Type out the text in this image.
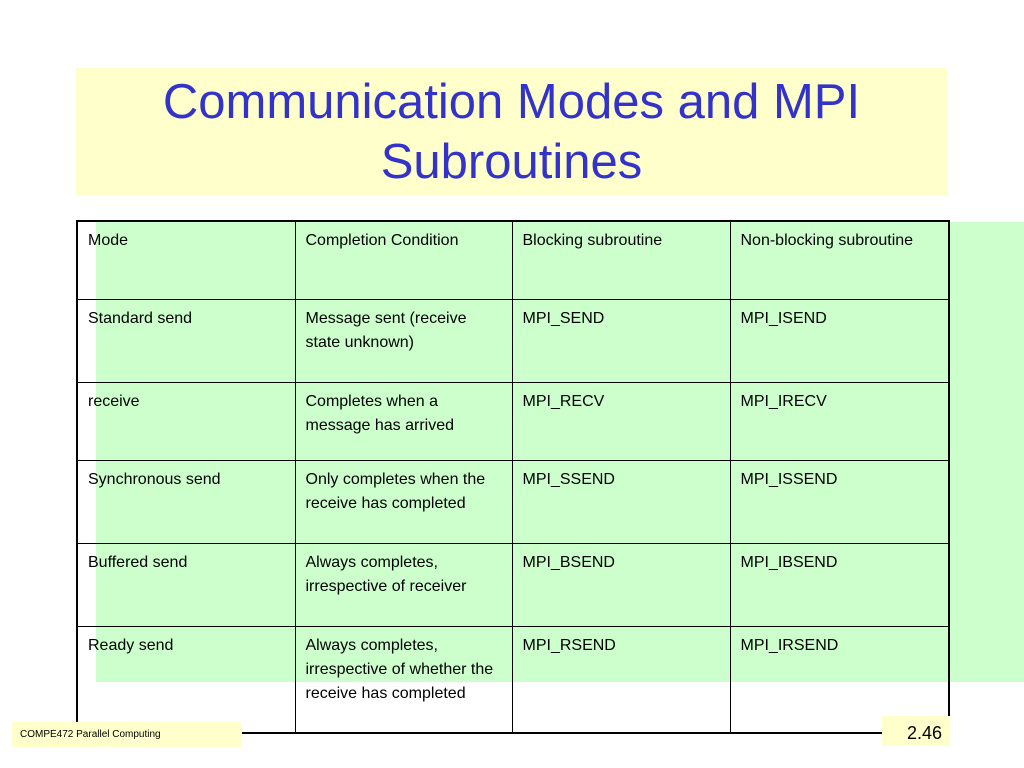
Communication Modes and MPI Subroutines
Mode	Completion Condition	Blocking subroutine	Non-blocking subroutine
Standard send	Message sent (receive state unknown)	MPI_SEND	MPI_ISEND
receive	Completes when a message has arrived	MPI_RECV	MPI_IRECV
Synchronous send	Only completes when the receive has completed	MPI_SSEND	MPI_ISSEND
Buffered send	Always completes, irrespective of receiver	MPI_BSEND	MPI_IBSEND
Ready send	Always completes, irrespective of whether the receive has completed	MPI_RSEND	MPI_IRSEND
COMPE472 Parallel Computing	2.46
